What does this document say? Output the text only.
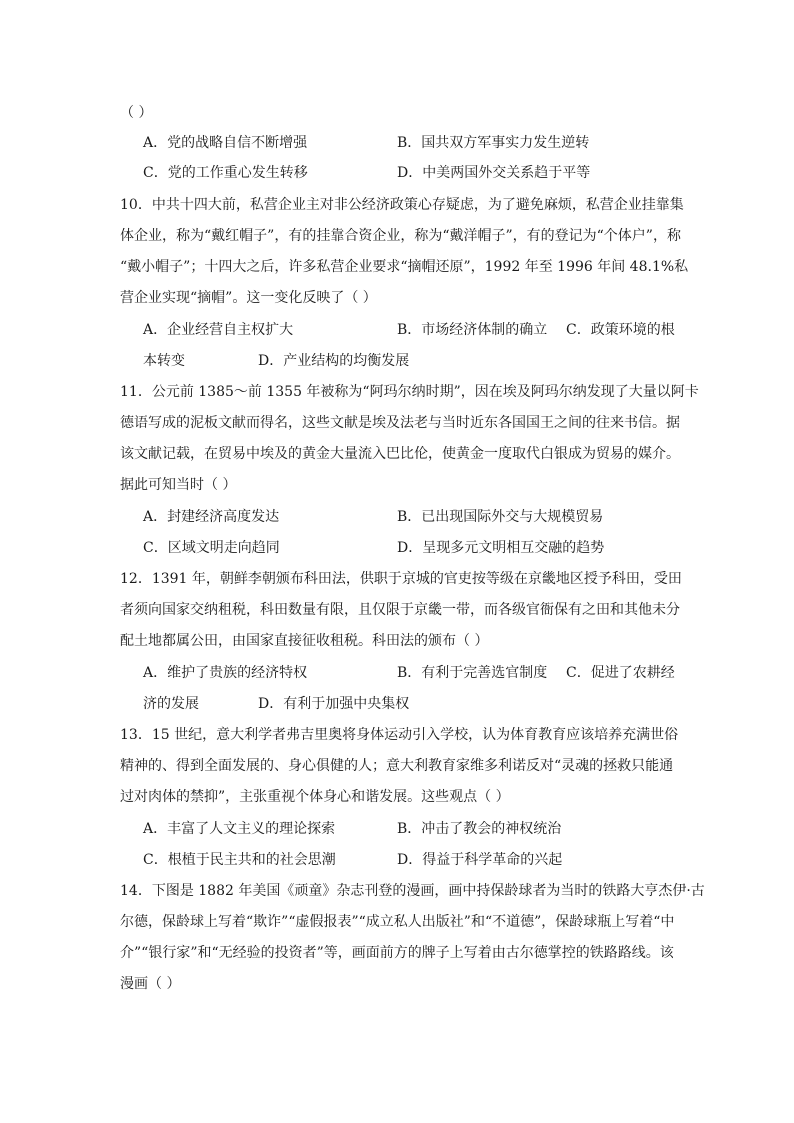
（ ）
A．党的战略自信不断增强	B．国共双方军事实力发生逆转
C．党的工作重心发生转移	D．中美两国外交关系趋于平等
10．中共十四大前，私营企业主对非公经济政策心存疑虑，为了避免麻烦，私营企业挂靠集
体企业，称为“戴红帽子”，有的挂靠合资企业，称为“戴洋帽子”，有的登记为“个体户”，称
“戴小帽子”；十四大之后，许多私营企业要求“摘帽还原”，1992 年至 1996 年间 48.1%私
营企业实现“摘帽”。这一变化反映了（ ）
A．企业经营自主权扩大	B．市场经济体制的确立 C．政策环境的根
本转变	D．产业结构的均衡发展
11．公元前 1385～前 1355 年被称为“阿玛尔纳时期”，因在埃及阿玛尔纳发现了大量以阿卡
德语写成的泥板文献而得名，这些文献是埃及法老与当时近东各国国王之间的往来书信。据
该文献记载，在贸易中埃及的黄金大量流入巴比伦，使黄金一度取代白银成为贸易的媒介。
据此可知当时（ ）
A．封建经济高度发达	B．已出现国际外交与大规模贸易
C．区域文明走向趋同	D．呈现多元文明相互交融的趋势
12．1391 年，朝鲜李朝颁布科田法，供职于京城的官吏按等级在京畿地区授予科田，受田
者须向国家交纳租税，科田数量有限，且仅限于京畿一带，而各级官衙保有之田和其他未分
配土地都属公田，由国家直接征收租税。科田法的颁布（ ）
A．维护了贵族的经济特权	B．有利于完善选官制度 C．促进了农耕经
济的发展	D．有利于加强中央集权
13．15 世纪，意大利学者弗吉里奥将身体运动引入学校，认为体育教育应该培养充满世俗
精神的、得到全面发展的、身心俱健的人；意大利教育家维多利诺反对“灵魂的拯救只能通
过对肉体的禁抑”，主张重视个体身心和谐发展。这些观点（ ）
A．丰富了人文主义的理论探索	B．冲击了教会的神权统治
C．根植于民主共和的社会思潮	D．得益于科学革命的兴起
14．下图是 1882 年美国《顽童》杂志刊登的漫画，画中持保龄球者为当时的铁路大亨杰伊·古
尔德，保龄球上写着“欺诈”“虚假报表”“成立私人出版社”和“不道德”，保龄球瓶上写着“中
介”“银行家”和“无经验的投资者”等，画面前方的牌子上写着由古尔德掌控的铁路路线。该
漫画（ ）
